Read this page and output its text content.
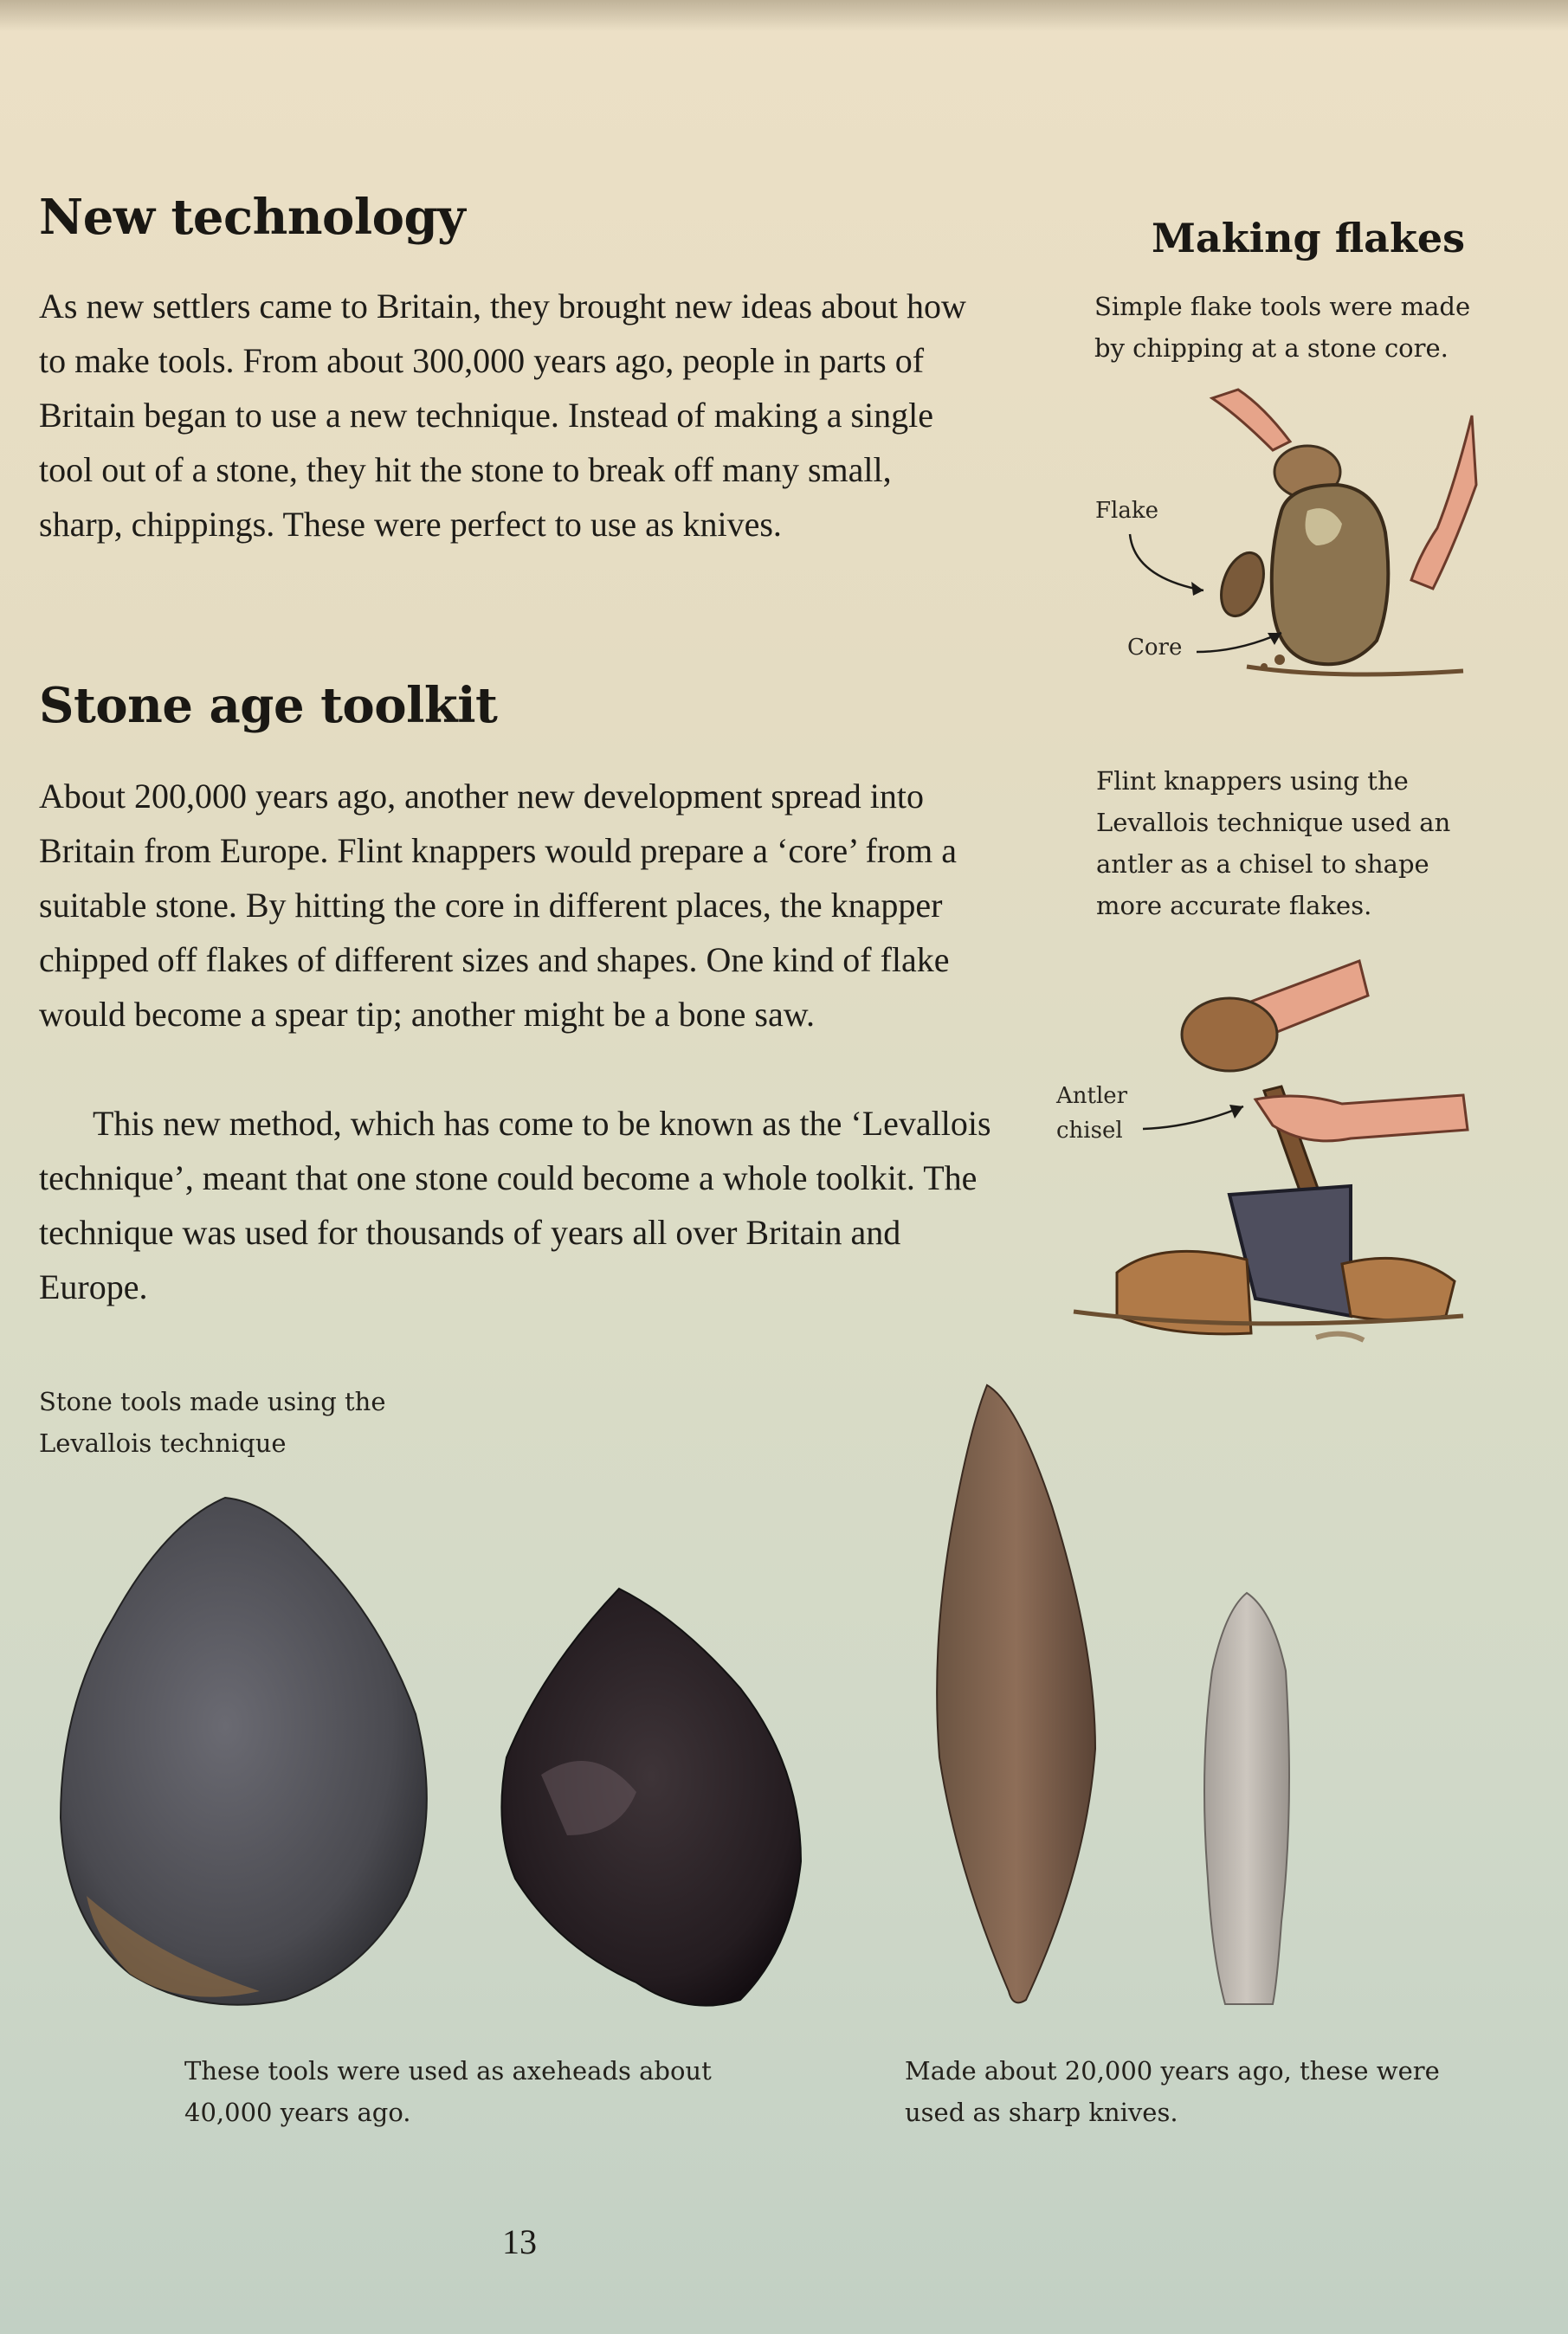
New technology

As new settlers came to Britain, they brought new ideas about how to make tools. From about 300,000 years ago, people in parts of Britain began to use a new technique. Instead of making a single tool out of a stone, they hit the stone to break off many small, sharp, chippings. These were perfect to use as knives.

Stone age toolkit

About 200,000 years ago, another new development spread into Britain from Europe. Flint knappers would prepare a ‘core’ from a suitable stone. By hitting the core in different places, the knapper chipped off flakes of different sizes and shapes. One kind of flake would become a spear tip; another might be a bone saw.

This new method, which has come to be known as the ‘Levallois technique’, meant that one stone could become a whole toolkit. The technique was used for thousands of years all over Britain and Europe.

Making flakes
Simple flake tools were made by chipping at a stone core.
Flake
Core
Flint knappers using the Levallois technique used an antler as a chisel to shape more accurate flakes.
Antler
chisel
Stone tools made using the Levallois technique
These tools were used as axeheads about 40,000 years ago.
Made about 20,000 years ago, these were used as sharp knives.
13
